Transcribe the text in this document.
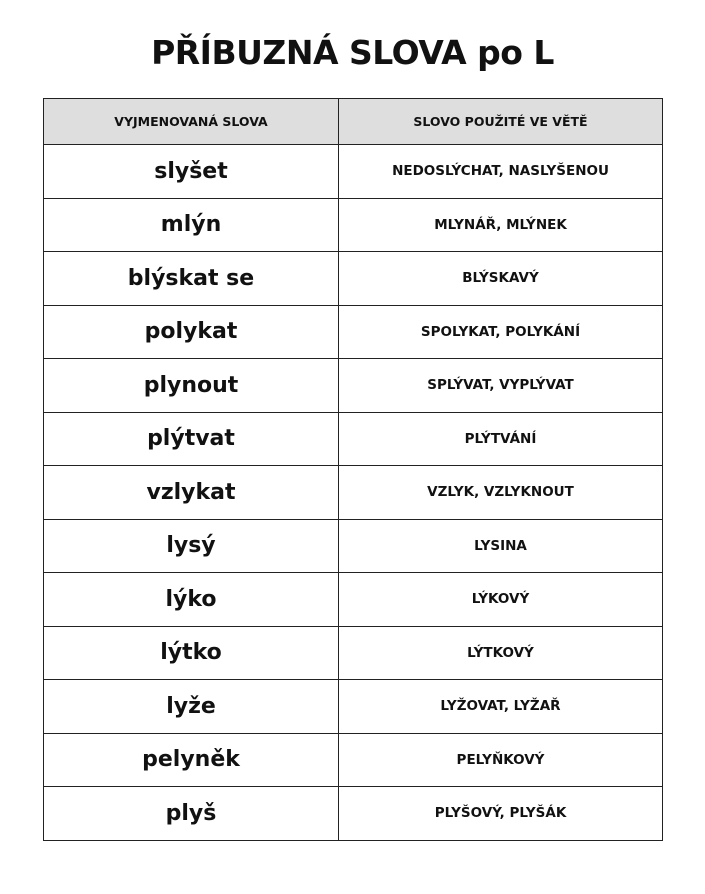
PŘÍBUZNÁ SLOVA po L
VYJMENOVANÁ SLOVA	SLOVO POUŽITÉ VE VĚTĚ
slyšet	NEDOSLÝCHAT, NASLYŠENOU
mlýn	MLYNÁŘ, MLÝNEK
blýskat se	BLÝSKAVÝ
polykat	SPOLYKAT, POLYKÁNÍ
plynout	SPLÝVAT, VYPLÝVAT
plýtvat	PLÝTVÁNÍ
vzlykat	VZLYK, VZLYKNOUT
lysý	LYSINA
lýko	LÝKOVÝ
lýtko	LÝTKOVÝ
lyže	LYŽOVAT, LYŽAŘ
pelyněk	PELYŇKOVÝ
plyš	PLYŠOVÝ, PLYŠÁK
